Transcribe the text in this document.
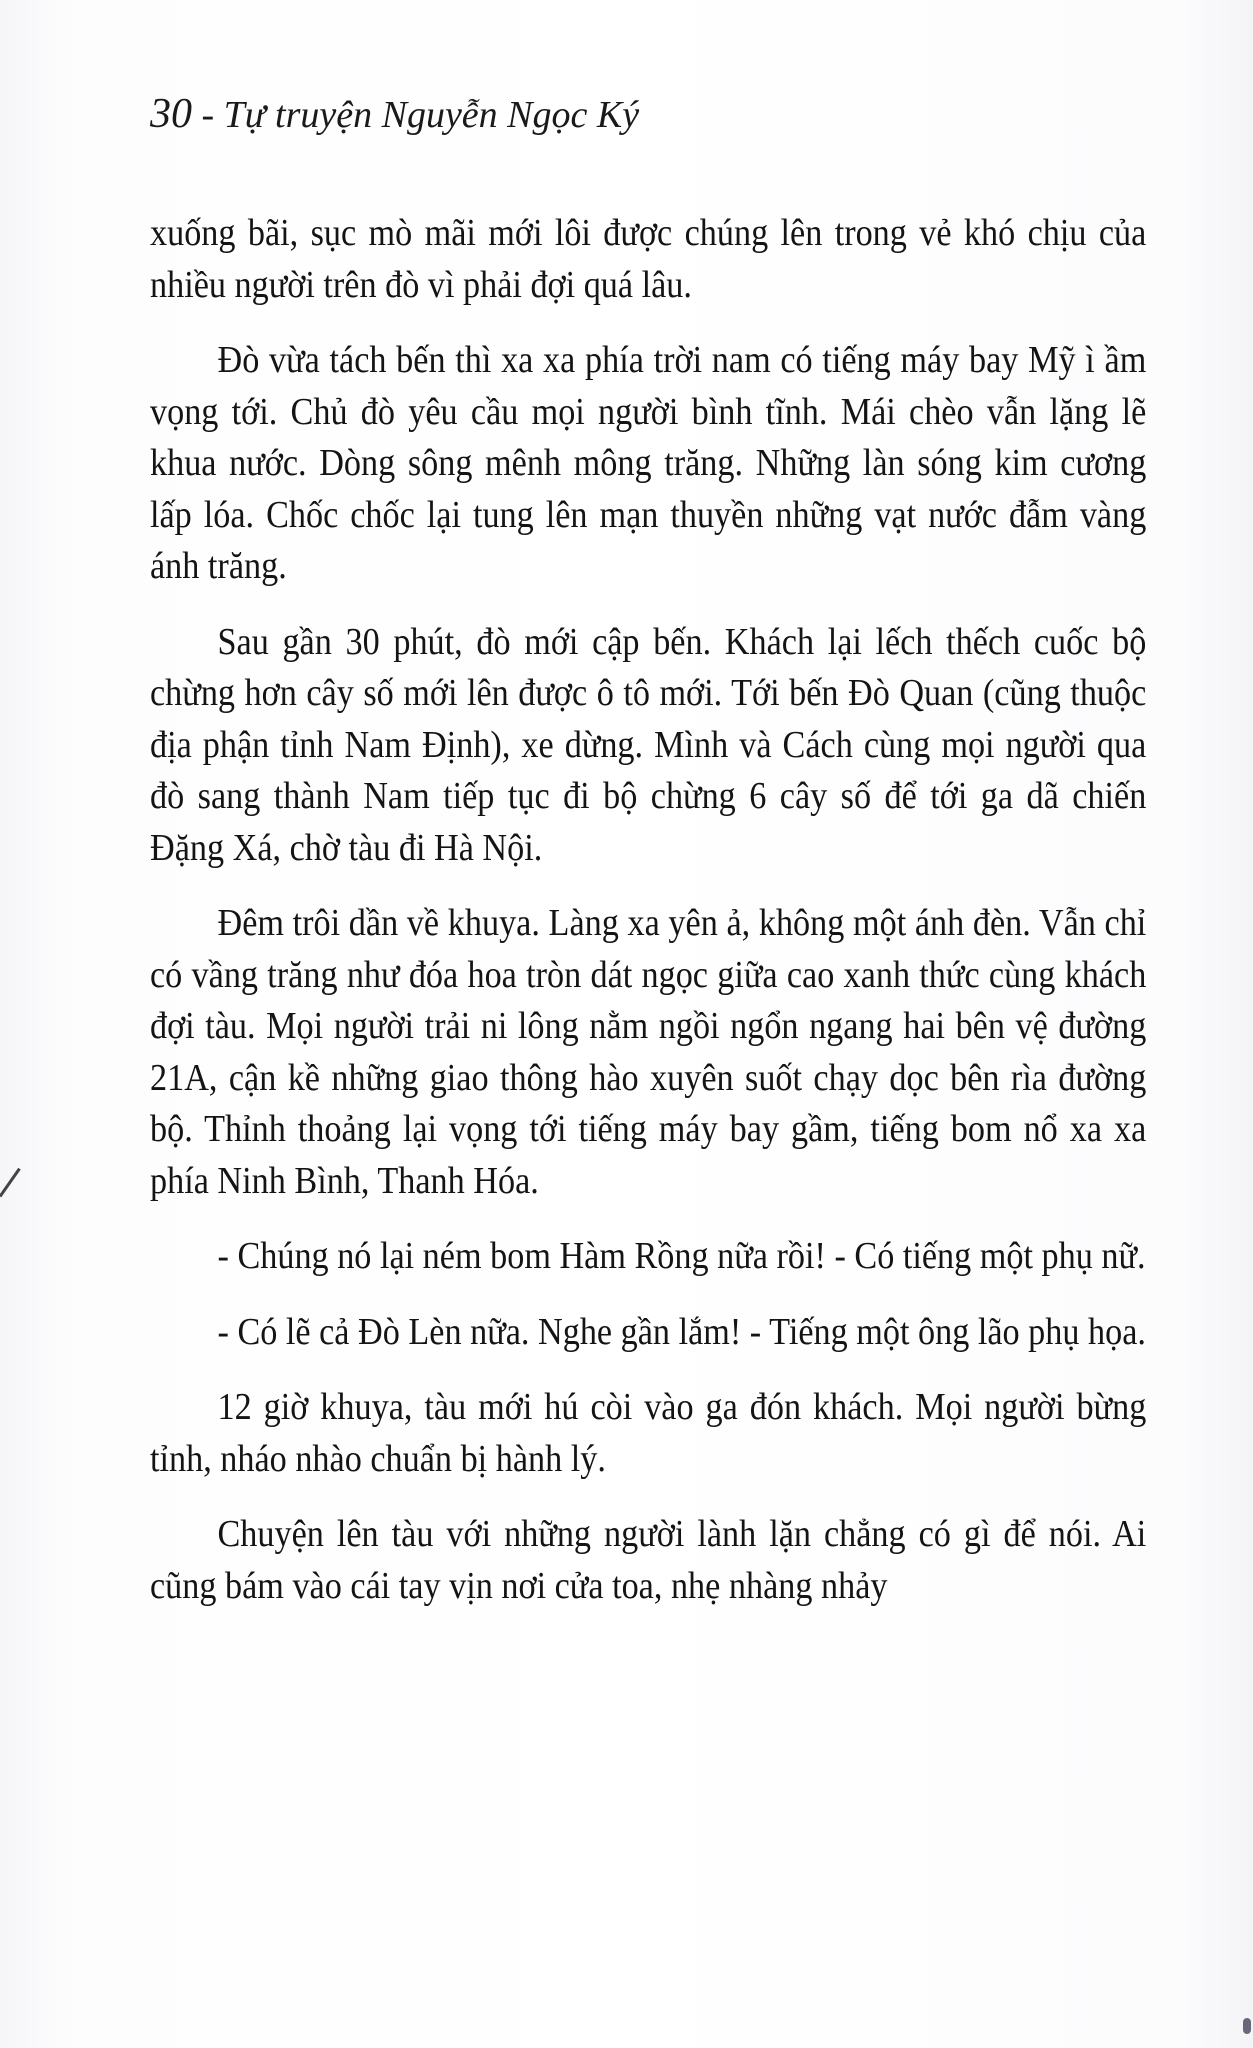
30 - Tự truyện Nguyễn Ngọc Ký

xuống bãi, sục mò mãi mới lôi được chúng lên trong vẻ khó chịu của nhiều người trên đò vì phải đợi quá lâu.

Đò vừa tách bến thì xa xa phía trời nam có tiếng máy bay Mỹ ì ầm vọng tới. Chủ đò yêu cầu mọi người bình tĩnh. Mái chèo vẫn lặng lẽ khua nước. Dòng sông mênh mông trăng. Những làn sóng kim cương lấp lóa. Chốc chốc lại tung lên mạn thuyền những vạt nước đẫm vàng ánh trăng.

Sau gần 30 phút, đò mới cập bến. Khách lại lếch thếch cuốc bộ chừng hơn cây số mới lên được ô tô mới. Tới bến Đò Quan (cũng thuộc địa phận tỉnh Nam Định), xe dừng. Mình và Cách cùng mọi người qua đò sang thành Nam tiếp tục đi bộ chừng 6 cây số để tới ga dã chiến Đặng Xá, chờ tàu đi Hà Nội.

Đêm trôi dần về khuya. Làng xa yên ả, không một ánh đèn. Vẫn chỉ có vầng trăng như đóa hoa tròn dát ngọc giữa cao xanh thức cùng khách đợi tàu. Mọi người trải ni lông nằm ngồi ngổn ngang hai bên vệ đường 21A, cận kề những giao thông hào xuyên suốt chạy dọc bên rìa đường bộ. Thỉnh thoảng lại vọng tới tiếng máy bay gầm, tiếng bom nổ xa xa phía Ninh Bình, Thanh Hóa.

- Chúng nó lại ném bom Hàm Rồng nữa rồi! - Có tiếng một phụ nữ.

- Có lẽ cả Đò Lèn nữa. Nghe gần lắm! - Tiếng một ông lão phụ họa.

12 giờ khuya, tàu mới hú còi vào ga đón khách. Mọi người bừng tỉnh, nháo nhào chuẩn bị hành lý.

Chuyện lên tàu với những người lành lặn chẳng có gì để nói. Ai cũng bám vào cái tay vịn nơi cửa toa, nhẹ nhàng nhảy
